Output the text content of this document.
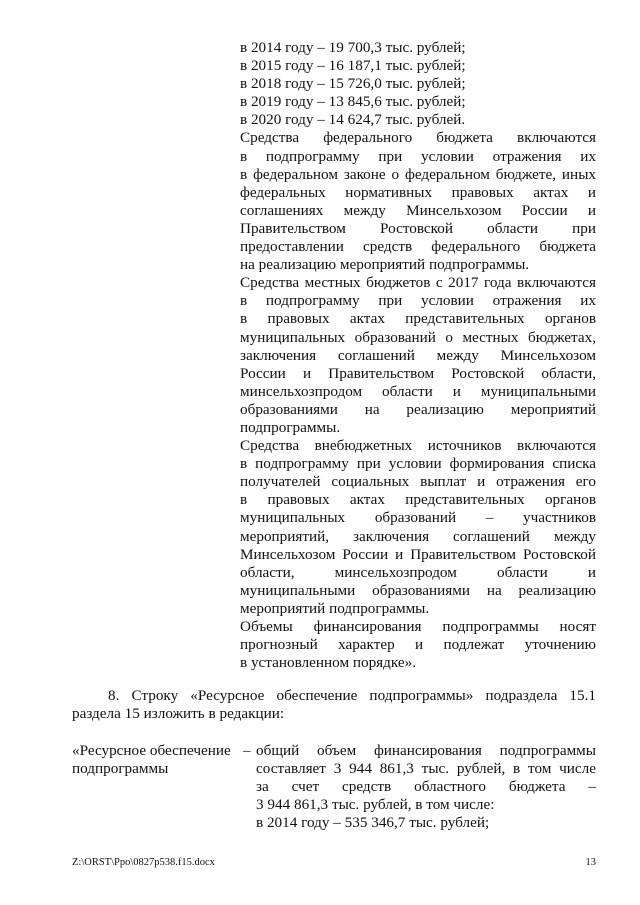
в 2014 году – 19 700,3 тыс. рублей;
в 2015 году – 16 187,1 тыс. рублей;
в 2018 году – 15 726,0 тыс. рублей;
в 2019 году – 13 845,6 тыс. рублей;
в 2020 году – 14 624,7 тыс. рублей.
Средства федерального бюджета включаются
в подпрограмму при условии отражения их
в федеральном законе о федеральном бюджете, иных
федеральных нормативных правовых актах и
соглашениях между Минсельхозом России и
Правительством Ростовской области при
предоставлении средств федерального бюджета
на реализацию мероприятий подпрограммы.
Средства местных бюджетов с 2017 года включаются
в подпрограмму при условии отражения их
в правовых актах представительных органов
муниципальных образований о местных бюджетах,
заключения соглашений между Минсельхозом
России и Правительством Ростовской области,
минсельхозпродом области и муниципальными
образованиями на реализацию мероприятий
подпрограммы.
Средства внебюджетных источников включаются
в подпрограмму при условии формирования списка
получателей социальных выплат и отражения его
в правовых актах представительных органов
муниципальных образований – участников
мероприятий, заключения соглашений между
Минсельхозом России и Правительством Ростовской
области, минсельхозпродом области и
муниципальными образованиями на реализацию
мероприятий подпрограммы.
Объемы финансирования подпрограммы носят
прогнозный характер и подлежат уточнению
в установленном порядке».
8. Строку «Ресурсное обеспечение подпрограммы» подраздела 15.1
раздела 15 изложить в редакции:
«Ресурсное обеспечение
подпрограммы
– общий объем финансирования подпрограммы
составляет 3 944 861,3 тыс. рублей, в том числе
за счет средств областного бюджета –
3 944 861,3 тыс. рублей, в том числе:
в 2014 году – 535 346,7 тыс. рублей;
Z:\ORST\Ppo\0827p538.f15.docx	13
